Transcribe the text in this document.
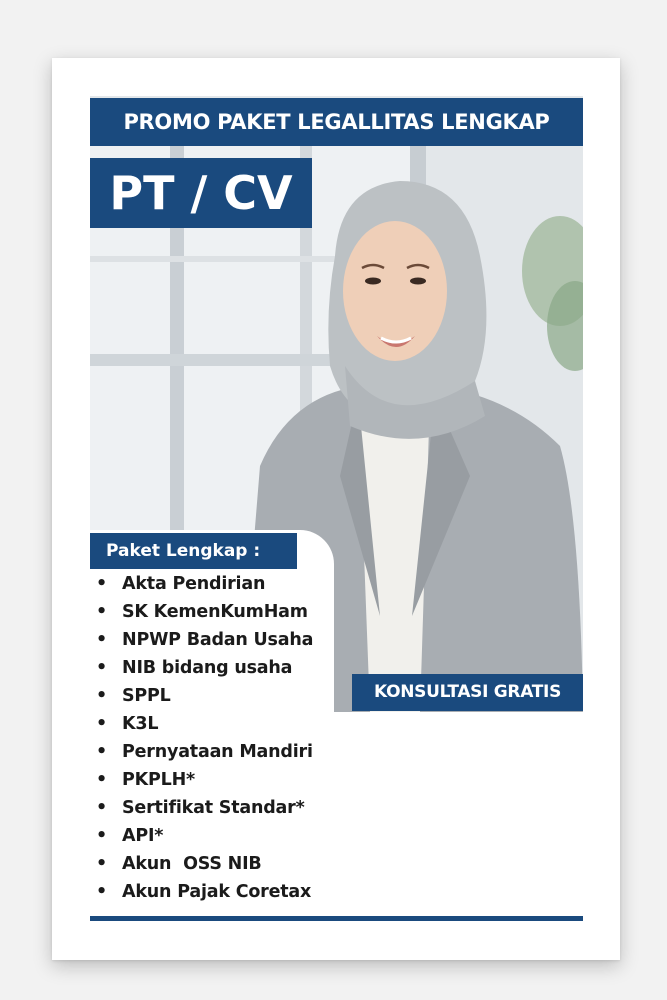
PROMO PAKET LEGALLITAS LENGKAP
PT / CV
Paket Lengkap :
• Akta Pendirian
• SK KemenKumHam
• NPWP Badan Usaha
• NIB bidang usaha
• SPPL
• K3L
• Pernyataan Mandiri
• PKPLH*
• Sertifikat Standar*
• API*
• Akun  OSS NIB
• Akun Pajak Coretax
KONSULTASI GRATIS
